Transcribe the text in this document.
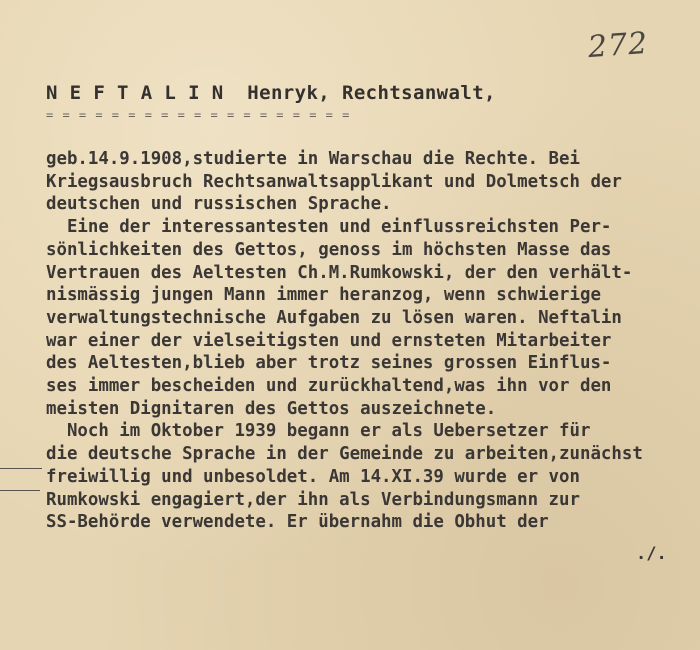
272
N E F T A L I N  Henryk, Rechtsanwalt,
= = = = = = = = = = = = = = = = = = =
geb.14.9.1908,studierte in Warschau die Rechte. Bei
Kriegsausbruch Rechtsanwaltsapplikant und Dolmetsch der
deutschen und russischen Sprache.
Eine der interessantesten und einflussreichsten Per-
sönlichkeiten des Gettos, genoss im höchsten Masse das
Vertrauen des Aeltesten Ch.M.Rumkowski, der den verhält-
nismässig jungen Mann immer heranzog, wenn schwierige
verwaltungstechnische Aufgaben zu lösen waren. Neftalin
war einer der vielseitigsten und ernsteten Mitarbeiter
des Aeltesten,blieb aber trotz seines grossen Einflus-
ses immer bescheiden und zurückhaltend,was ihn vor den
meisten Dignitaren des Gettos auszeichnete.
Noch im Oktober 1939 begann er als Uebersetzer für
die deutsche Sprache in der Gemeinde zu arbeiten,zunächst
freiwillig und unbesoldet. Am 14.XI.39 wurde er von
Rumkowski engagiert,der ihn als Verbindungsmann zur
SS-Behörde verwendete. Er übernahm die Obhut der
./.
